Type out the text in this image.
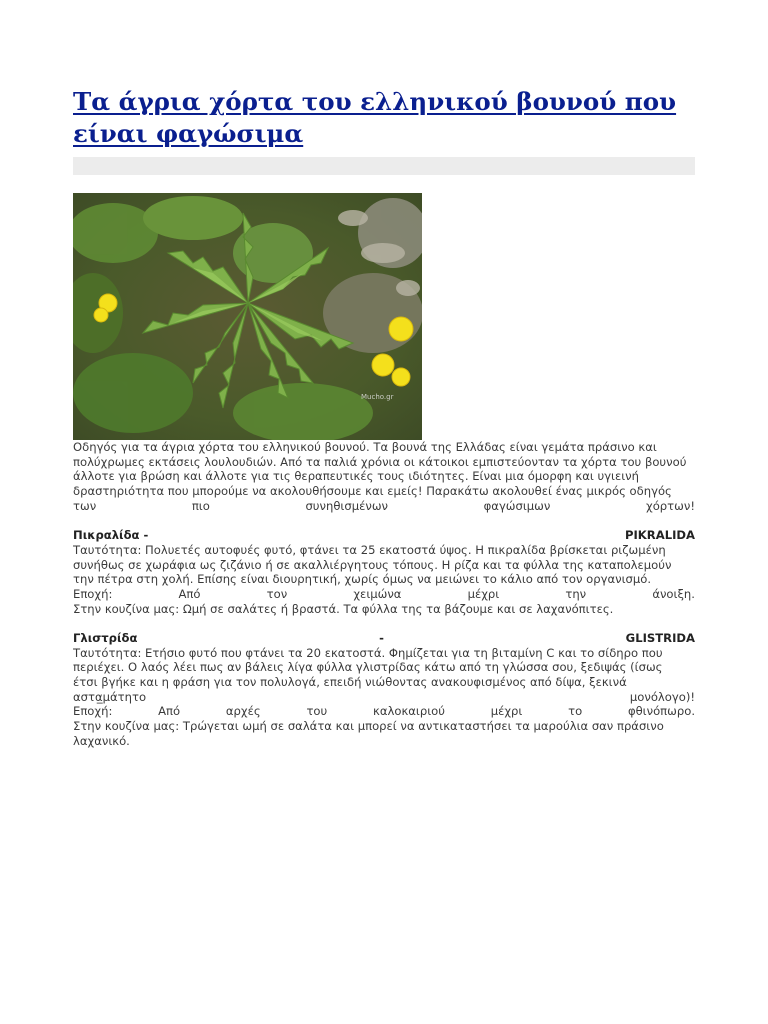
Τα άγρια χόρτα του ελληνικού βουνού που
είναι φαγώσιμα
Mucho.gr
Οδηγός για τα άγρια χόρτα του ελληνικού βουνού. Τα βουνά της Ελλάδας είναι γεμάτα πράσινο και
πολύχρωμες εκτάσεις λουλουδιών. Από τα παλιά χρόνια οι κάτοικοι εμπιστεύονταν τα χόρτα του βουνού
άλλοτε για βρώση και άλλοτε για τις θεραπευτικές τους ιδιότητες. Είναι μια όμορφη και υγιεινή
δραστηριότητα που μπορούμε να ακολουθήσουμε και εμείς! Παρακάτω ακολουθεί ένας μικρός οδηγός
των	πιο	συνηθισμένων	φαγώσιμων	χόρτων!
Πικραλίδα -	PIKRALIDA
Ταυτότητα: Πολυετές αυτοφυές φυτό, φτάνει τα 25 εκατοστά ύψος. Η πικραλίδα βρίσκεται ριζωμένη
συνήθως σε χωράφια ως ζιζάνιο ή σε ακαλλιέργητους τόπους. Η ρίζα και τα φύλλα της καταπολεμούν
την πέτρα στη χολή. Επίσης είναι διουρητική, χωρίς όμως να μειώνει το κάλιο από τον οργανισμό.
Εποχή:	Από	τον	χειμώνα	μέχρι	την	άνοιξη.
Στην κουζίνα μας: Ωμή σε σαλάτες ή βραστά. Τα φύλλα της τα βάζουμε και σε λαχανόπιτες.
Γλιστρίδα	-	GLISTRIDA
Ταυτότητα: Ετήσιο φυτό που φτάνει τα 20 εκατοστά. Φημίζεται για τη βιταμίνη C και το σίδηρο που
περιέχει. Ο λαός λέει πως αν βάλεις λίγα φύλλα γλιστρίδας κάτω από τη γλώσσα σου, ξεδιψάς (ίσως
έτσι βγήκε και η φράση για τον πολυλογά, επειδή νιώθοντας ανακουφισμένος από δίψα, ξεκινά
αστα̲μάτητο	μονόλογο)!
Εποχή:	Από	αρχές	του	καλοκαιριού	μέχρι	το	φθινόπωρο.
Στην κουζίνα μας: Τρώγεται ωμή σε σαλάτα και μπορεί να αντικαταστήσει τα μαρούλια σαν πράσινο
λαχανικό.
